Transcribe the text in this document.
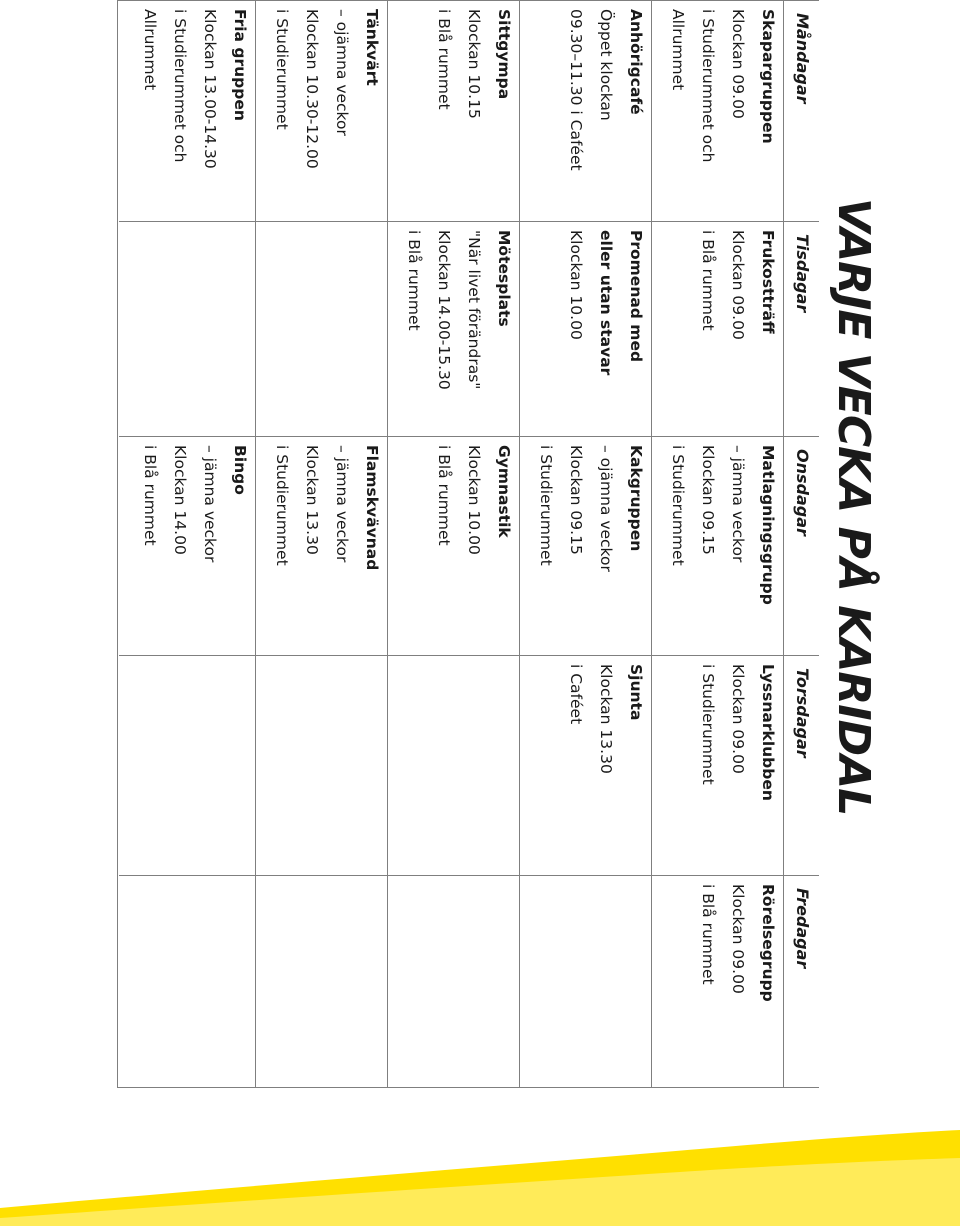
VARJE VECKA PÅ KARIDAL
Måndagar
Tisdagar
Onsdagar
Torsdagar
Fredagar
Skapargruppen
Klockan 09.00
i Studierummet och
Allrummet
Frukostträff
Klockan 09.00
i Blå rummet
Matlagningsgrupp
– jämna veckor
Klockan 09.15
i Studierummet
Lyssnarklubben
Klockan 09.00
i Studierummet
Rörelsegrupp
Klockan 09.00
i Blå rummet
Anhörigcafé
Öppet klockan
09.30–11.30 i Caféet
Promenad med
eller utan stavar
Klockan 10.00
Kakgruppen
– ojämna veckor
Klockan 09.15
i Studierummet
Sjunta
Klockan 13.30
i Caféet
Sittgympa
Klockan 10.15
i Blå rummet
Mötesplats
"När livet förändras"
Klockan 14.00-15.30
i Blå rummet
Gymnastik
Klockan 10.00
i Blå rummet
Tänkvärt
– ojämna veckor
Klockan 10.30-12.00
i Studierummet
Flamskvävnad
– jämna veckor
Klockan 13.30
i Studierummet
Fria gruppen
Klockan 13.00-14.30
i Studierummet och
Allrummet
Bingo
– jämna veckor
Klockan 14.00
i Blå rummet
